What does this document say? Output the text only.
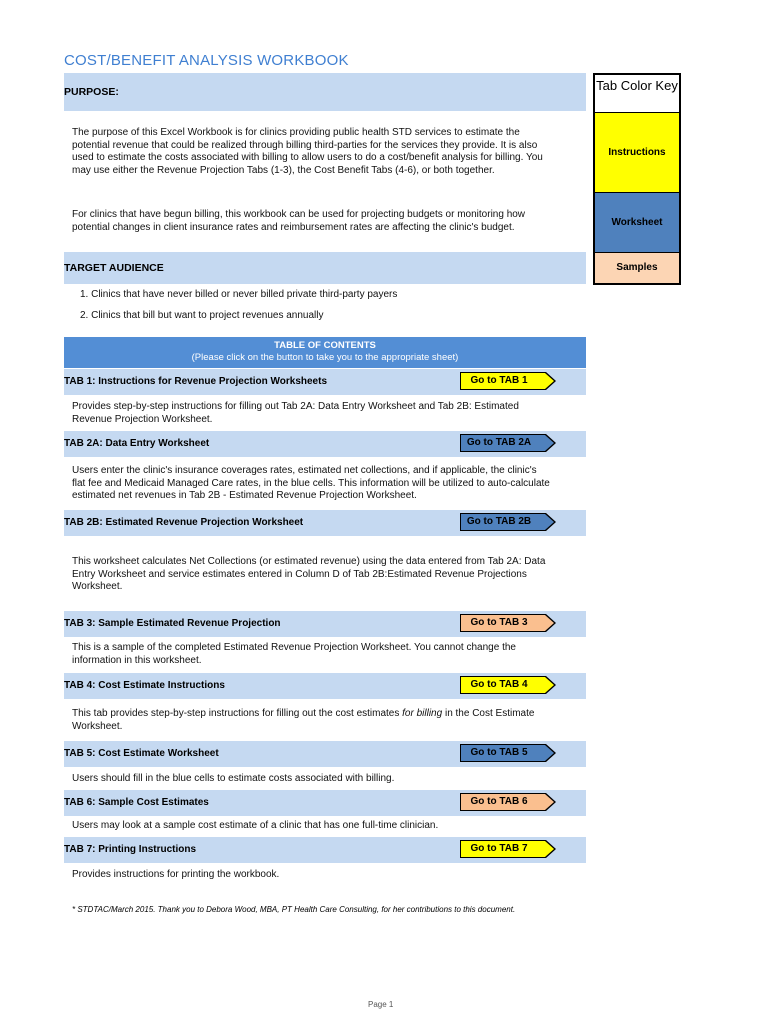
COST/BENEFIT ANALYSIS WORKBOOK
PURPOSE:
The purpose of this Excel Workbook is for clinics providing public health STD services to estimate the
potential revenue that could be realized through billing third-parties for the services they provide. It is also
used to estimate the costs associated with billing to allow users to do a cost/benefit analysis for billing. You
may use either the Revenue Projection Tabs (1-3), the Cost Benefit Tabs (4-6), or both together.
For clinics that have begun billing, this workbook can be used for projecting budgets or monitoring how
potential changes in client insurance rates and reimbursement rates are affecting the clinic's budget.
TARGET AUDIENCE
1. Clinics that have never billed or never billed private third-party payers
2. Clinics that bill but want to project revenues annually
TABLE OF CONTENTS
(Please click on the button to take you to the appropriate sheet)
TAB 1: Instructions for Revenue Projection Worksheets	Go to TAB 1
Provides step-by-step instructions for filling out Tab 2A: Data Entry Worksheet and Tab 2B: Estimated
Revenue Projection Worksheet.
TAB 2A: Data Entry Worksheet	Go to TAB 2A
Users enter the clinic's insurance coverages rates, estimated net collections, and if applicable, the clinic's
flat fee and Medicaid Managed Care rates, in the blue cells. This information will be utilized to auto-calculate
estimated net revenues in Tab 2B - Estimated Revenue Projection Worksheet.
TAB 2B: Estimated Revenue Projection Worksheet	Go to TAB 2B
This worksheet calculates Net Collections (or estimated revenue) using the data entered from Tab 2A: Data
Entry Worksheet and service estimates entered in Column D of Tab 2B:Estimated Revenue Projections
Worksheet.
TAB 3: Sample Estimated Revenue Projection	Go to TAB 3
This is a sample of the completed Estimated Revenue Projection Worksheet. You cannot change the
information in this worksheet.
TAB 4: Cost Estimate Instructions	Go to TAB 4
This tab provides step-by-step instructions for filling out the cost estimates for billing in the Cost Estimate
Worksheet.
TAB 5: Cost Estimate Worksheet	Go to TAB 5
Users should fill in the blue cells to estimate costs associated with billing.
TAB 6: Sample Cost Estimates	Go to TAB 6
Users may look at a sample cost estimate of a clinic that has one full-time clinician.
TAB 7: Printing Instructions	Go to TAB 7
Provides instructions for printing the workbook.
* STDTAC/March 2015. Thank you to Debora Wood, MBA, PT Health Care Consulting, for her contributions to this document.
Tab Color Key
Instructions
Worksheet
Samples
Page 1
